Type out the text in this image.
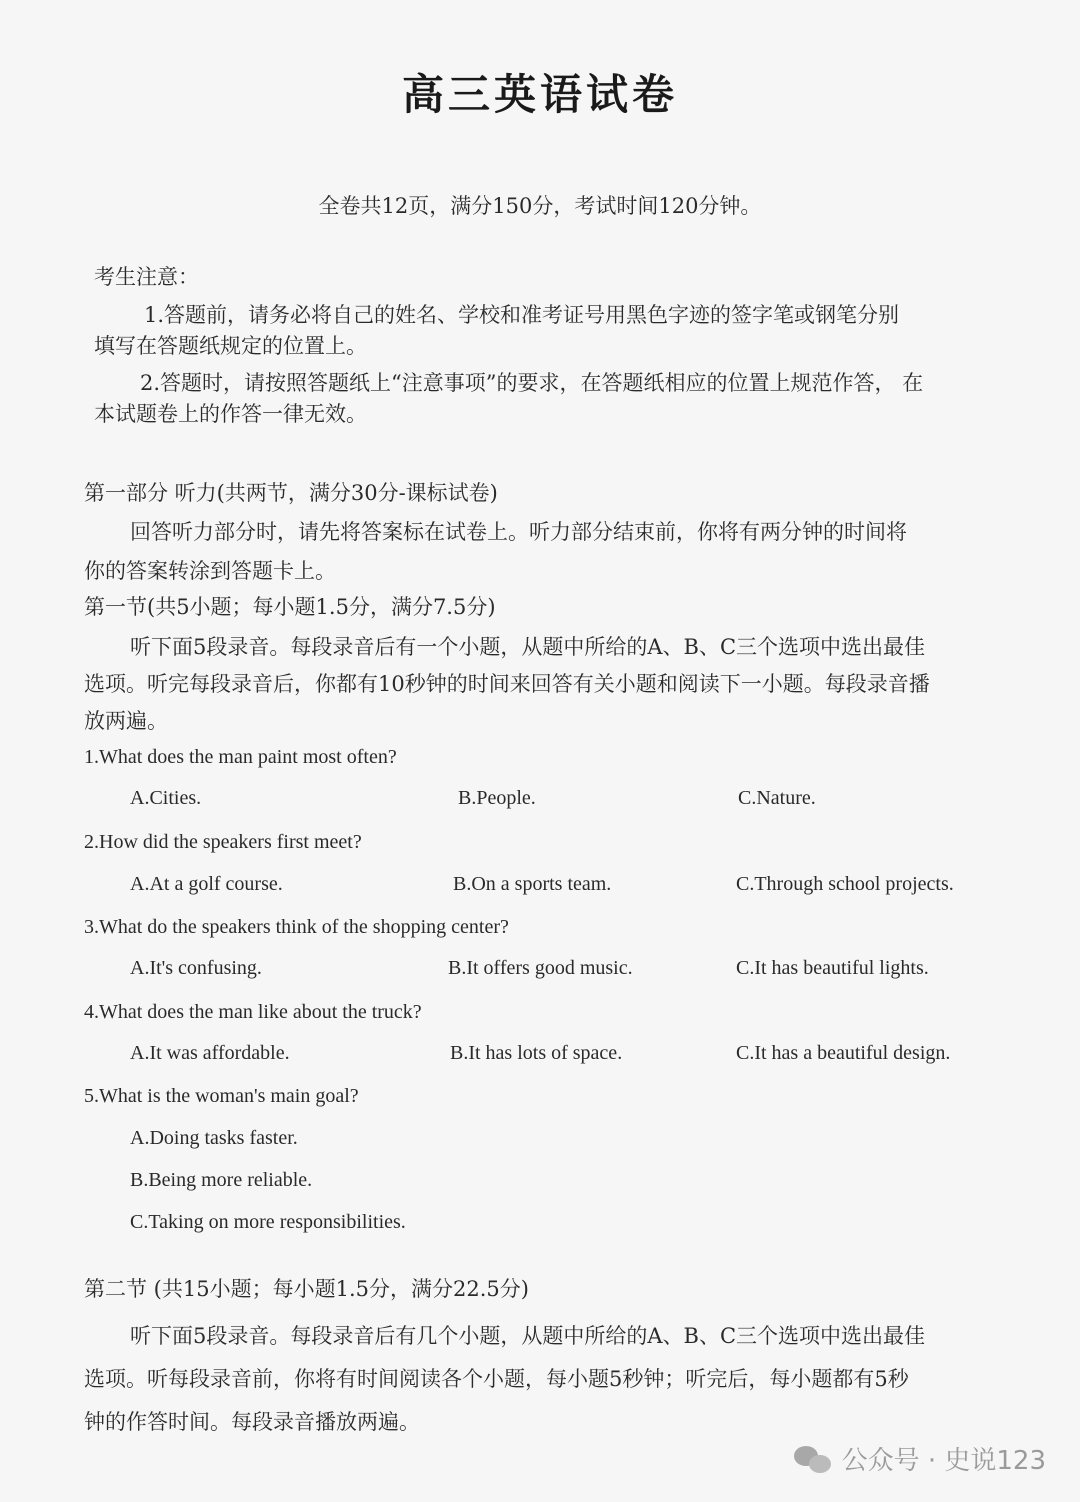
高三英语试卷
全卷共12页，满分150分，考试时间120分钟。
考生注意：
1.答题前，请务必将自己的姓名、学校和准考证号用黑色字迹的签字笔或钢笔分别
填写在答题纸规定的位置上。
2.答题时，请按照答题纸上“注意事项”的要求，在答题纸相应的位置上规范作答， 在
本试题卷上的作答一律无效。
第一部分 听力(共两节，满分30分-课标试卷)
回答听力部分时，请先将答案标在试卷上。听力部分结束前，你将有两分钟的时间将
你的答案转涂到答题卡上。
第一节(共5小题；每小题1.5分，满分7.5分)
听下面5段录音。每段录音后有一个小题，从题中所给的A、B、C三个选项中选出最佳
选项。听完每段录音后，你都有10秒钟的时间来回答有关小题和阅读下一小题。每段录音播
放两遍。
1.What does the man paint most often?
A.Cities.	B.People.	C.Nature.
2.How did the speakers first meet?
A.At a golf course.	B.On a sports team.	C.Through school projects.
3.What do the speakers think of the shopping center?
A.It's confusing.	B.It offers good music.	C.It has beautiful lights.
4.What does the man like about the truck?
A.It was affordable.	B.It has lots of space.	C.It has a beautiful design.
5.What is the woman's main goal?
A.Doing tasks faster.
B.Being more reliable.
C.Taking on more responsibilities.
第二节 (共15小题；每小题1.5分，满分22.5分)
听下面5段录音。每段录音后有几个小题，从题中所给的A、B、C三个选项中选出最佳
选项。听每段录音前，你将有时间阅读各个小题，每小题5秒钟；听完后，每小题都有5秒
钟的作答时间。每段录音播放两遍。
公众号 · 史说123
